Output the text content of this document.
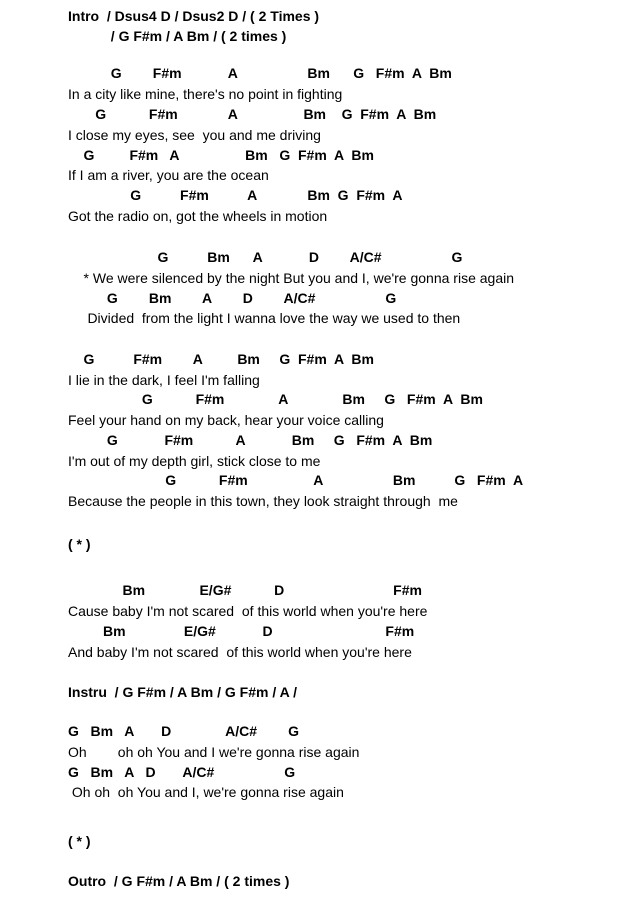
Intro  / Dsus4 D / Dsus2 D / ( 2 Times )
/ G F#m / A Bm / ( 2 times )
G        F#m            A                  Bm      G   F#m  A  Bm
In a city like mine, there's no point in fighting
G           F#m             A                 Bm    G  F#m  A  Bm
I close my eyes, see  you and me driving
G         F#m   A                 Bm   G  F#m  A  Bm
If I am a river, you are the ocean
G          F#m          A             Bm  G  F#m  A
Got the radio on, got the wheels in motion
G          Bm      A            D        A/C#                  G
* We were silenced by the night But you and I, we're gonna rise again
G        Bm        A        D        A/C#                  G
Divided  from the light I wanna love the way we used to then
G          F#m        A         Bm     G  F#m  A  Bm
I lie in the dark, I feel I'm falling
G           F#m              A              Bm     G   F#m  A  Bm
Feel your hand on my back, hear your voice calling
G            F#m           A            Bm     G   F#m  A  Bm
I'm out of my depth girl, stick close to me
G           F#m                 A                  Bm          G   F#m  A
Because the people in this town, they look straight through  me
( * )
Bm              E/G#           D                            F#m
Cause baby I'm not scared  of this world when you're here
Bm               E/G#            D                             F#m
And baby I'm not scared  of this world when you're here
Instru  / G F#m / A Bm / G F#m / A /
G   Bm   A       D              A/C#        G
Oh        oh oh You and I we're gonna rise again
G   Bm   A   D       A/C#                  G
Oh oh  oh You and I, we're gonna rise again
( * )
Outro  / G F#m / A Bm / ( 2 times )
